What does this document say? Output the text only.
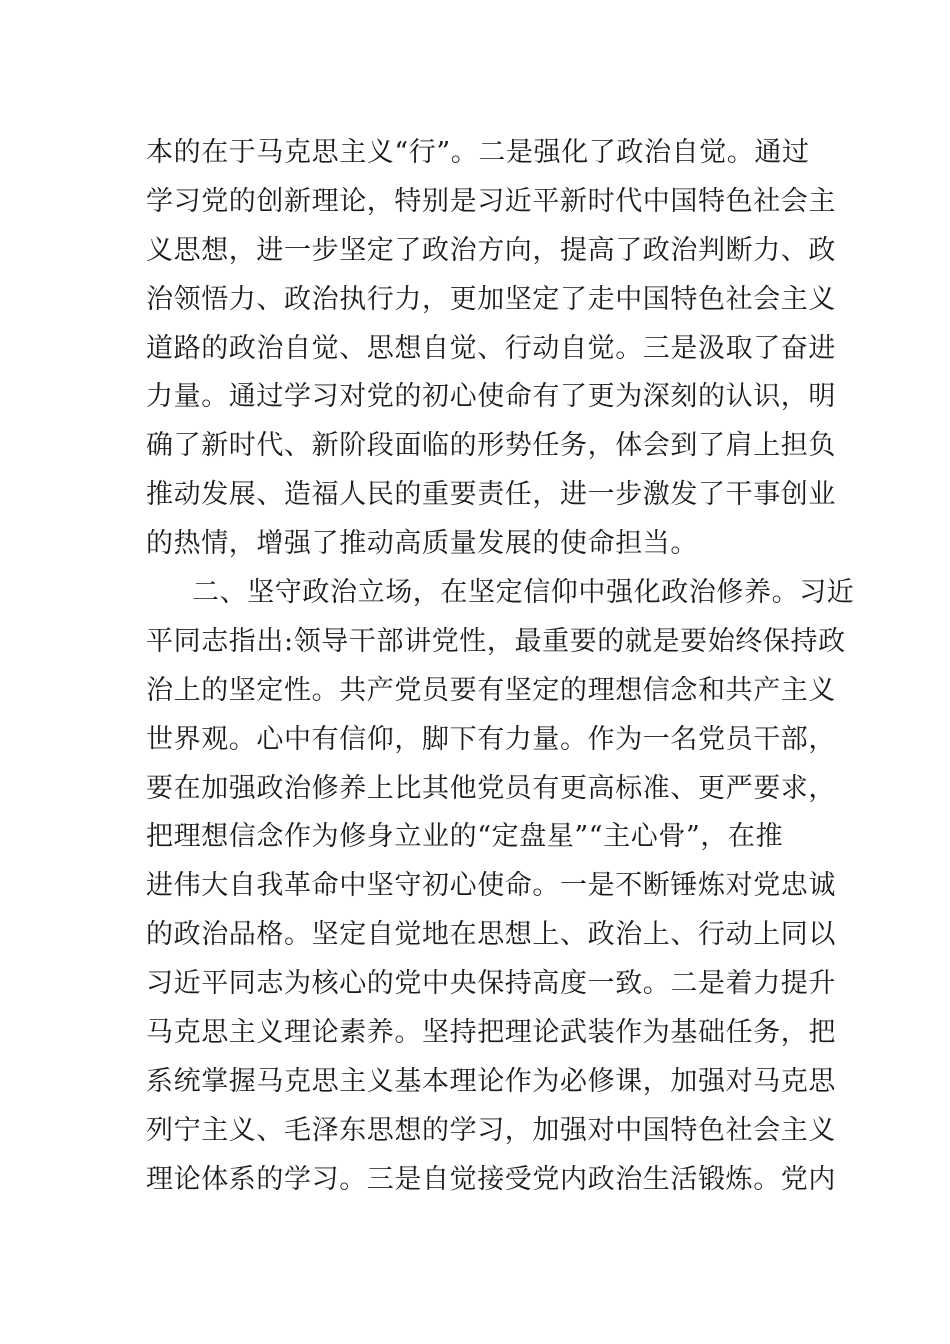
本的在于马克思主义“行”。二是强化了政治自觉。通过
学习党的创新理论，特别是习近平新时代中国特色社会主
义思想，进一步坚定了政治方向，提高了政治判断力、政
治领悟力、政治执行力，更加坚定了走中国特色社会主义
道路的政治自觉、思想自觉、行动自觉。三是汲取了奋进
力量。通过学习对党的初心使命有了更为深刻的认识，明
确了新时代、新阶段面临的形势任务，体会到了肩上担负
推动发展、造福人民的重要责任，进一步激发了干事创业
的热情，增强了推动高质量发展的使命担当。
二、坚守政治立场，在坚定信仰中强化政治修养。习近
平同志指出:领导干部讲党性，最重要的就是要始终保持政
治上的坚定性。共产党员要有坚定的理想信念和共产主义
世界观。心中有信仰，脚下有力量。作为一名党员干部，
要在加强政治修养上比其他党员有更高标准、更严要求，
把理想信念作为修身立业的“定盘星”“主心骨”，在推
进伟大自我革命中坚守初心使命。一是不断锤炼对党忠诚
的政治品格。坚定自觉地在思想上、政治上、行动上同以
习近平同志为核心的党中央保持高度一致。二是着力提升
马克思主义理论素养。坚持把理论武装作为基础任务，把
系统掌握马克思主义基本理论作为必修课，加强对马克思
列宁主义、毛泽东思想的学习，加强对中国特色社会主义
理论体系的学习。三是自觉接受党内政治生活锻炼。党内
